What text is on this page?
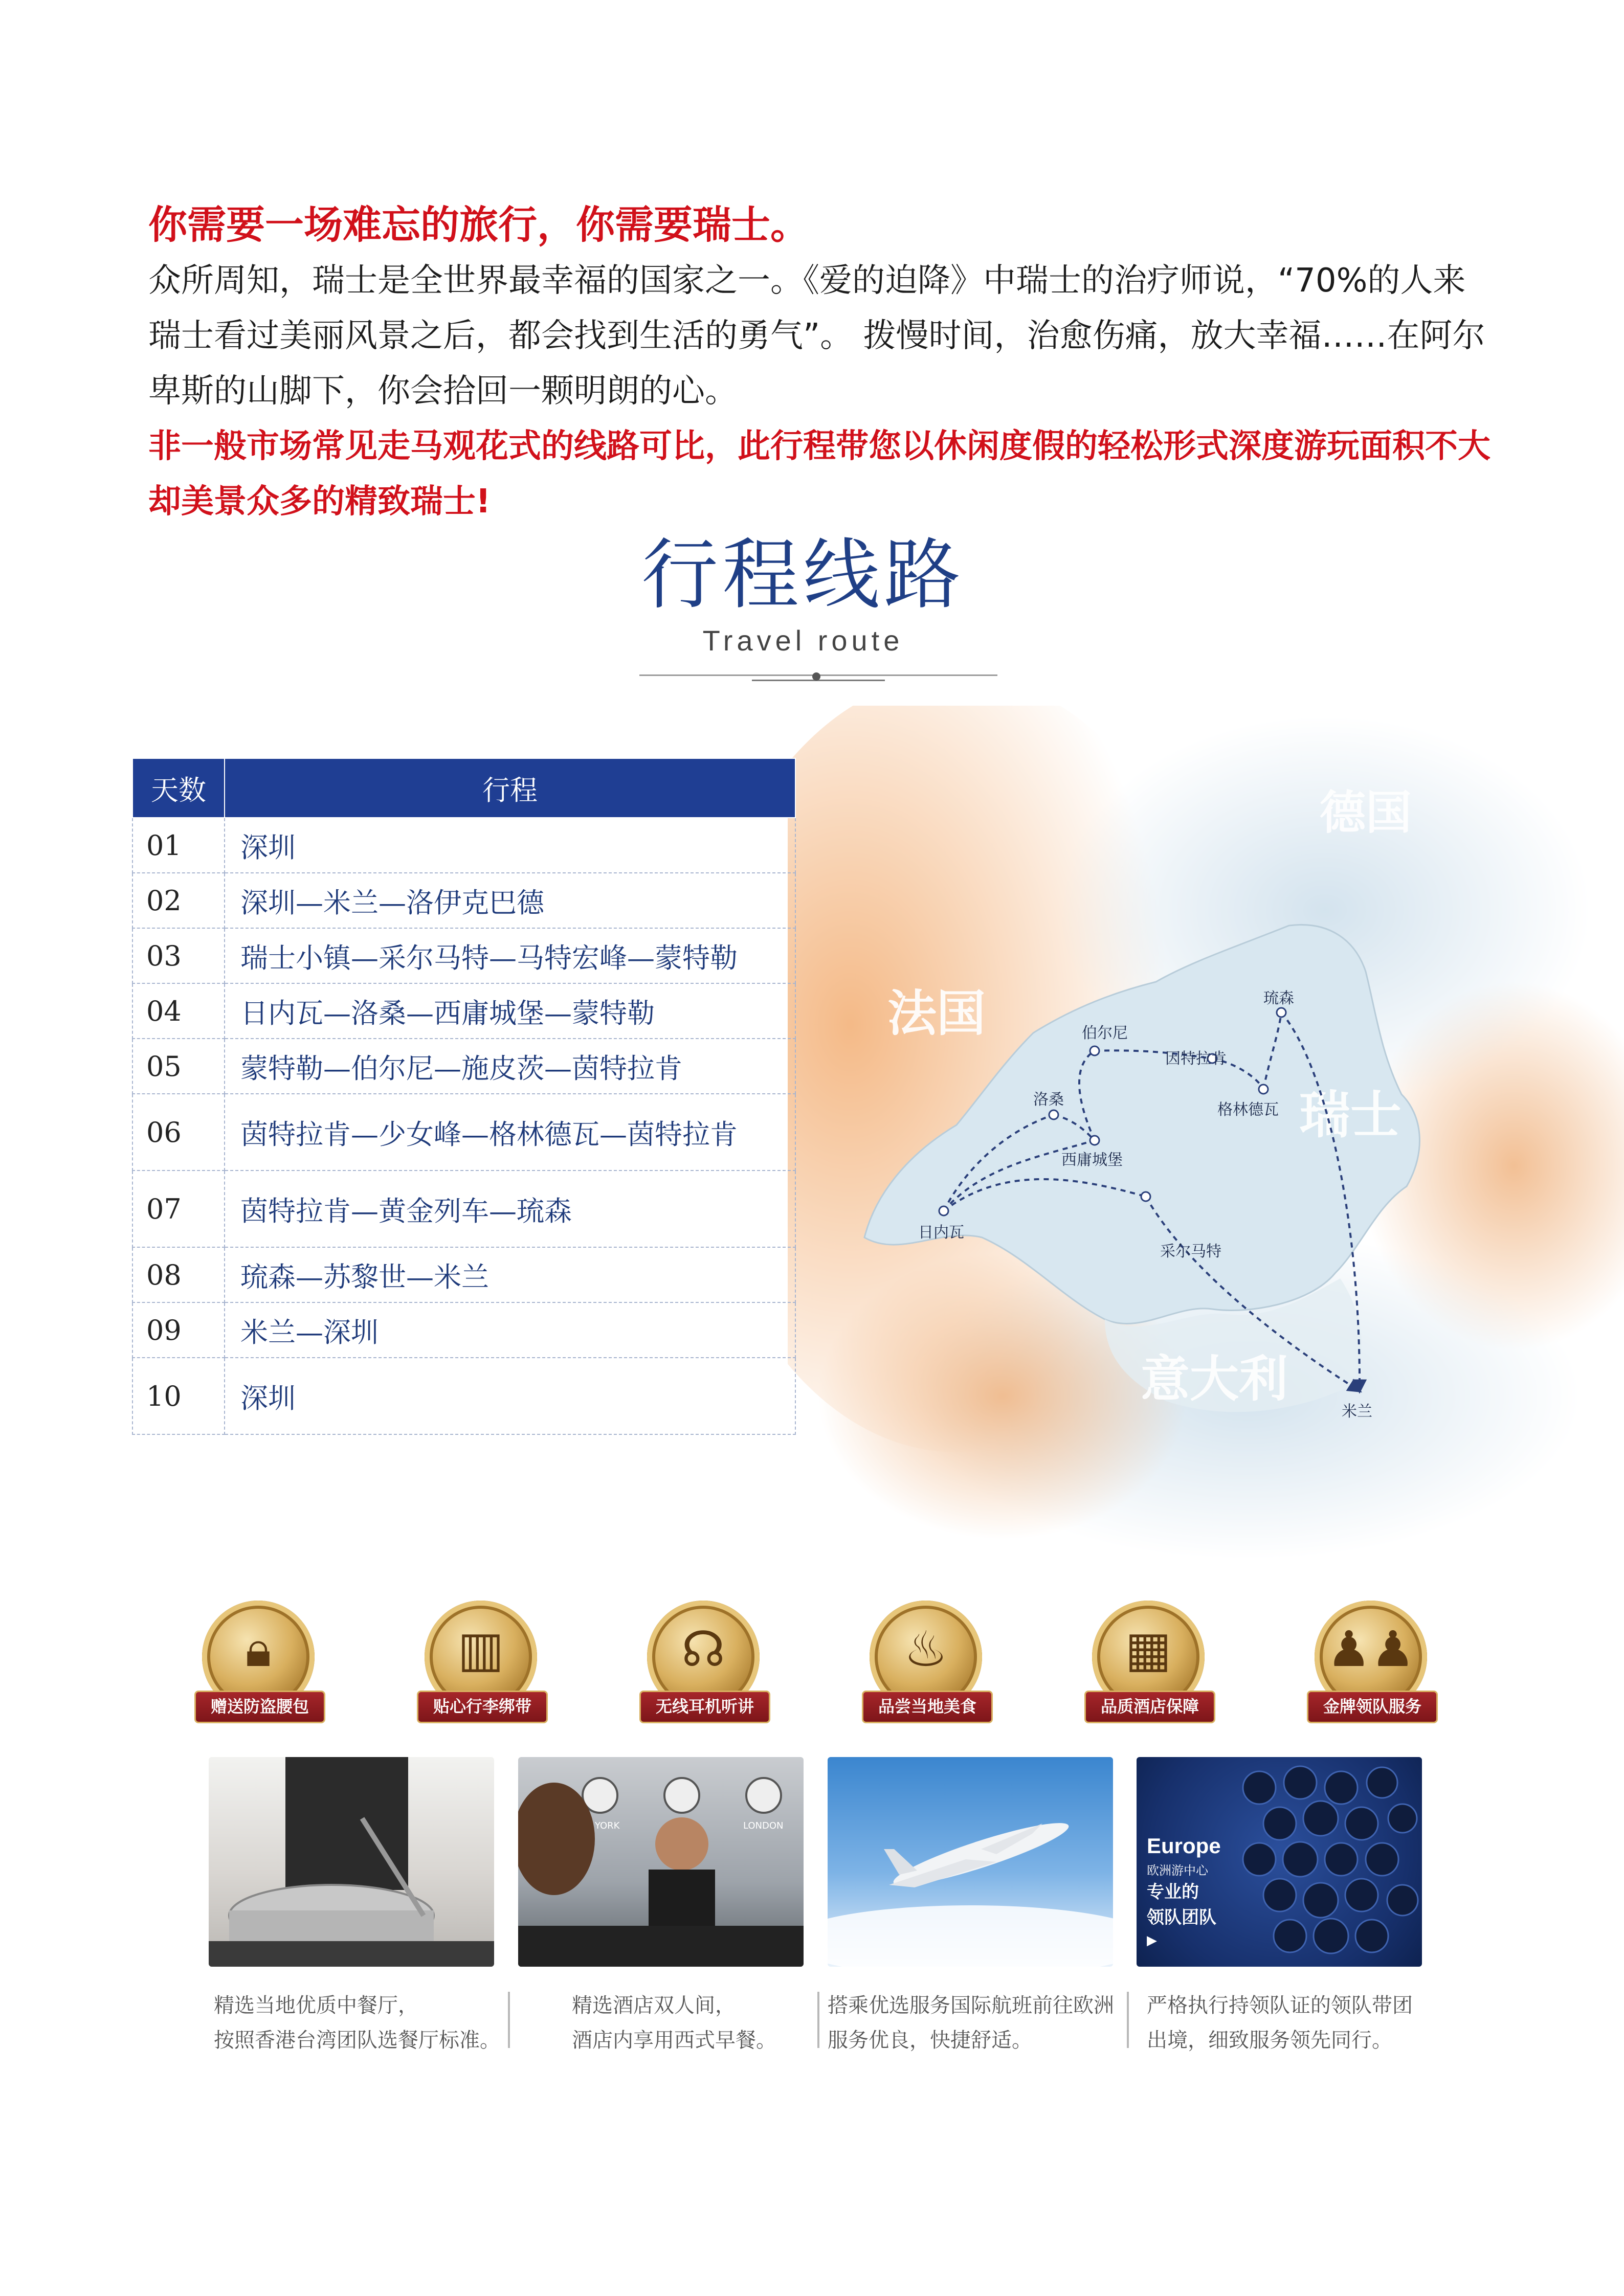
你需要一场难忘的旅行，你需要瑞士。

众所周知，瑞士是全世界最幸福的国家之一。《爱的迫降》中瑞士的治疗师说，“70%的人来

瑞士看过美丽风景之后，都会找到生活的勇气”。 拨慢时间，治愈伤痛，放大幸福……在阿尔

卑斯的山脚下，你会拾回一颗明朗的心。

非一般市场常见走马观花式的线路可比，此行程带您以休闲度假的轻松形式深度游玩面积不大

却美景众多的精致瑞士!

行程线路
Travel route
德国
法国
瑞士
意大利
日内瓦
洛桑
西庸城堡
伯尔尼
因特拉肯
格林德瓦
琉森
采尔马特
米兰
天数	行程
01	深圳
02	深圳—米兰—洛伊克巴德
03	瑞士小镇—采尔马特—马特宏峰—蒙特勒
04	日内瓦—洛桑—西庸城堡—蒙特勒
05	蒙特勒—伯尔尼—施皮茨—茵特拉肯
06	茵特拉肯—少女峰—格林德瓦—茵特拉肯
07	茵特拉肯—黄金列车—琉森
08	琉森—苏黎世—米兰
09	米兰—深圳
10	深圳
🔒︎
赠送防盗腰包
▥
贴心行李绑带
☊
无线耳机听讲
♨
品尝当地美食
▦
品质酒店保障
♟♟
金牌领队服务
YORK	LONDON
Europe
欧洲游中心
专业的
领队团队
▶
精选当地优质中餐厅，
按照香港台湾团队选餐厅标准。
精选酒店双人间，
酒店内享用西式早餐。
搭乘优选服务国际航班前往欧洲
服务优良，快捷舒适。
严格执行持领队证的领队带团
出境，细致服务领先同行。
